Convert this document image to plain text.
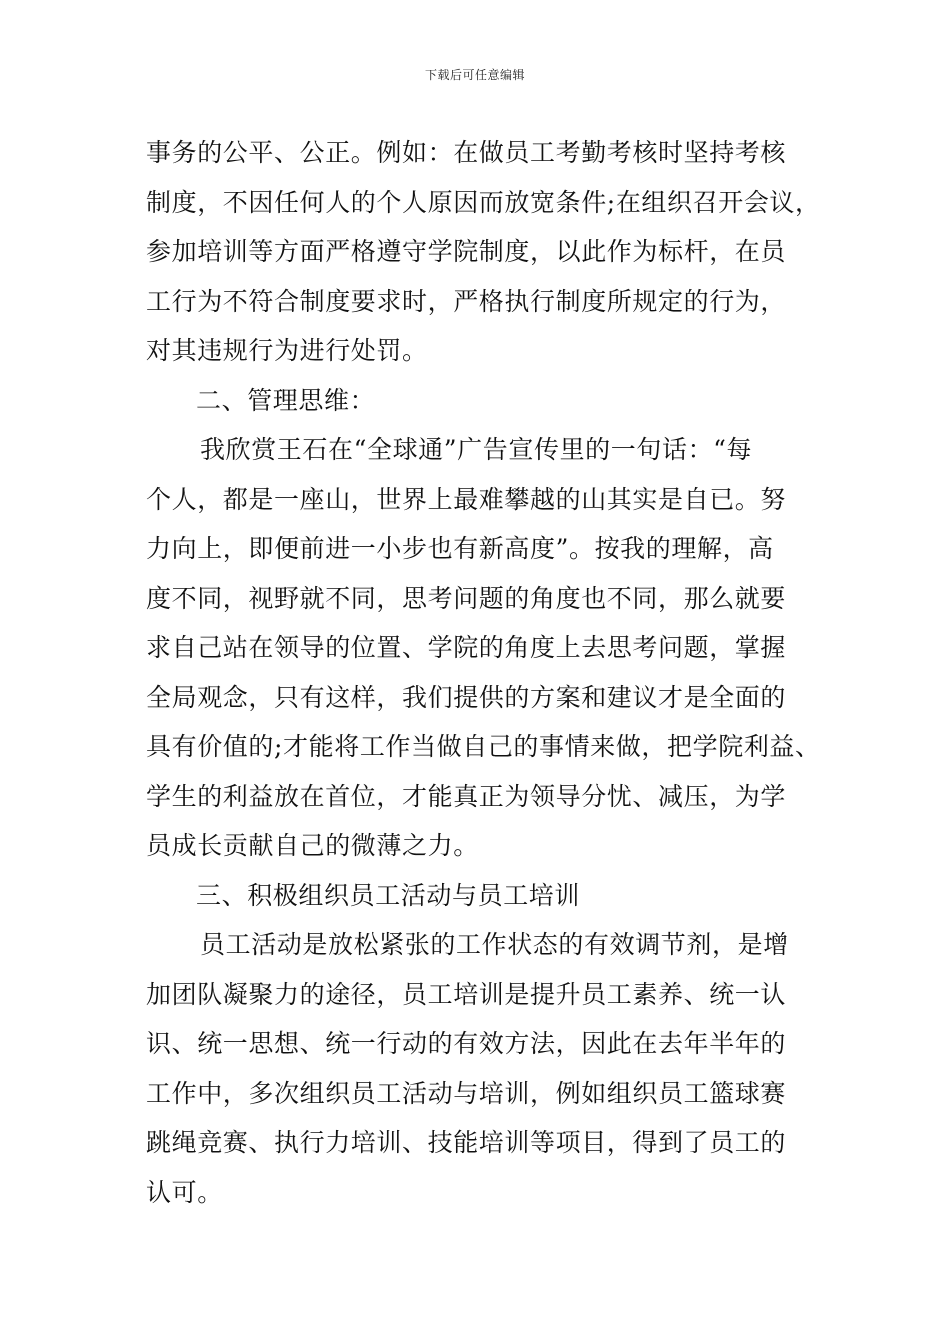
下载后可任意编辑
事务的公平、公正。例如：在做员工考勤考核时坚持考核
制度，不因任何人的个人原因而放宽条件;在组织召开会议，
参加培训等方面严格遵守学院制度，以此作为标杆，在员
工行为不符合制度要求时，严格执行制度所规定的行为，
对其违规行为进行处罚。
二、管理思维：
我欣赏王石在“全球通”广告宣传里的一句话：“每
个人，都是一座山，世界上最难攀越的山其实是自已。努
力向上，即便前进一小步也有新高度”。按我的理解，高
度不同，视野就不同，思考问题的角度也不同，那么就要
求自己站在领导的位置、学院的角度上去思考问题，掌握
全局观念，只有这样，我们提供的方案和建议才是全面的
具有价值的;才能将工作当做自己的事情来做，把学院利益、
学生的利益放在首位，才能真正为领导分忧、减压，为学
员成长贡献自己的微薄之力。
三、积极组织员工活动与员工培训
员工活动是放松紧张的工作状态的有效调节剂，是增
加团队凝聚力的途径，员工培训是提升员工素养、统一认
识、统一思想、统一行动的有效方法，因此在去年半年的
工作中，多次组织员工活动与培训，例如组织员工篮球赛
跳绳竞赛、执行力培训、技能培训等项目，得到了员工的
认可。
